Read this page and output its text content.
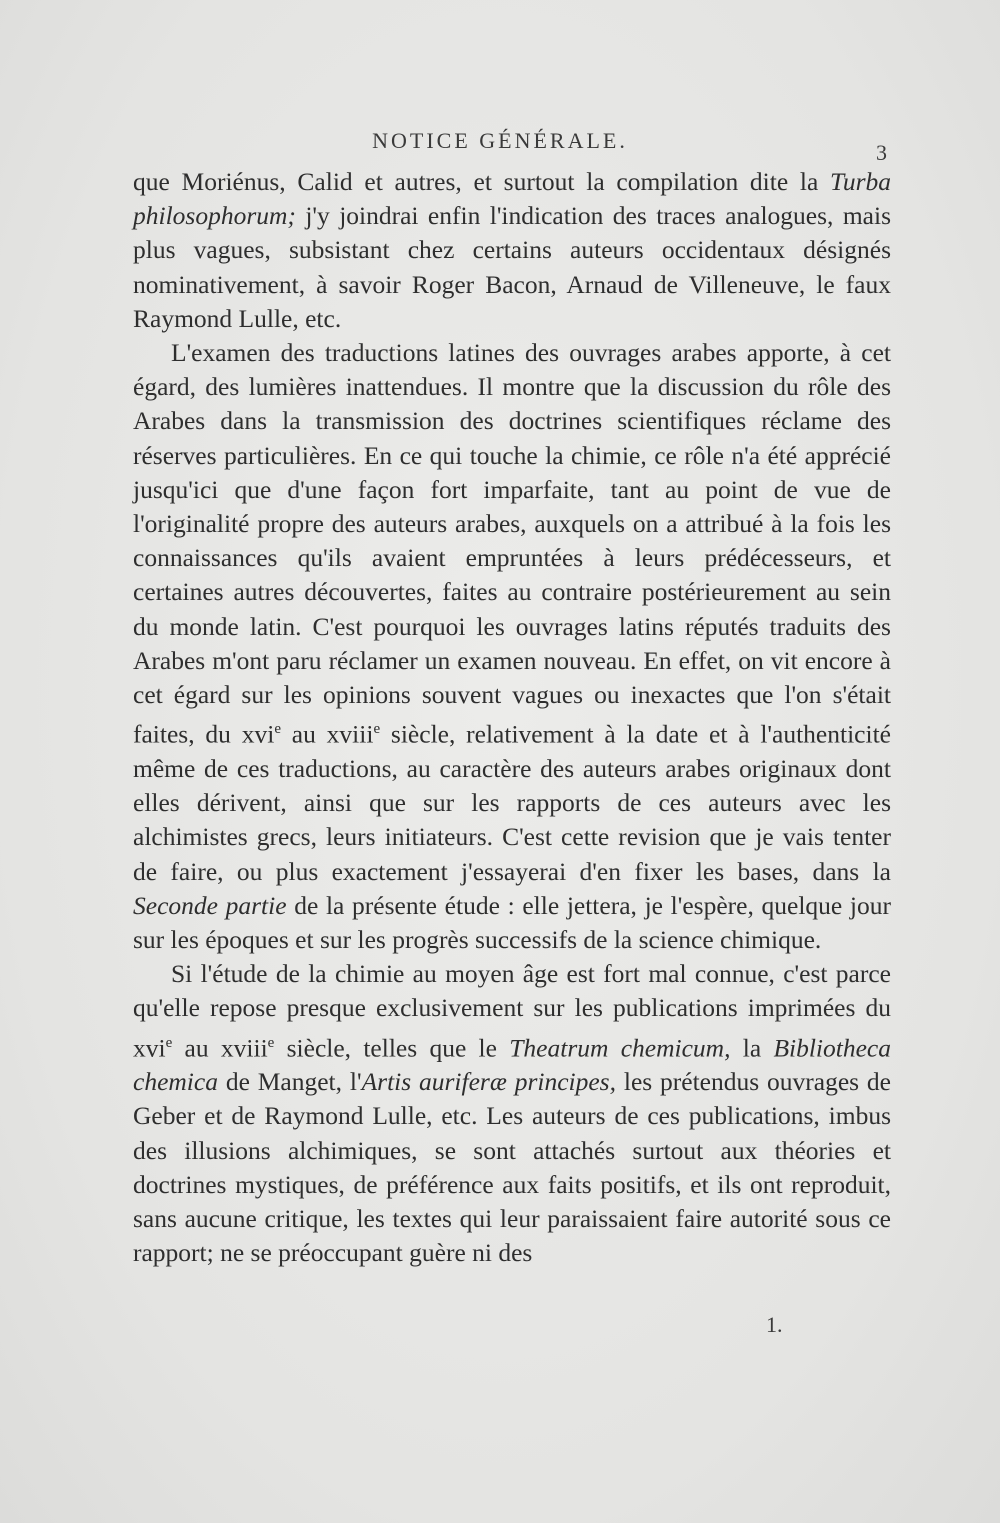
NOTICE GÉNÉRALE.	3

que Moriénus, Calid et autres, et surtout la compilation dite la Turba philosophorum; j'y joindrai enfin l'indication des traces analogues, mais plus vagues, subsistant chez certains auteurs occidentaux désignés nominativement, à savoir Roger Bacon, Arnaud de Villeneuve, le faux Raymond Lulle, etc.

L'examen des traductions latines des ouvrages arabes apporte, à cet égard, des lumières inattendues. Il montre que la discussion du rôle des Arabes dans la transmission des doctrines scientifiques réclame des réserves particulières. En ce qui touche la chimie, ce rôle n'a été apprécié jusqu'ici que d'une façon fort imparfaite, tant au point de vue de l'originalité propre des auteurs arabes, auxquels on a attribué à la fois les connaissances qu'ils avaient empruntées à leurs prédécesseurs, et certaines autres découvertes, faites au contraire postérieurement au sein du monde latin. C'est pourquoi les ouvrages latins réputés traduits des Arabes m'ont paru réclamer un examen nouveau. En effet, on vit encore à cet égard sur les opinions souvent vagues ou inexactes que l'on s'était faites, du xvi$^e$ au xviii$^e$ siècle, relativement à la date et à l'authenticité même de ces traductions, au caractère des auteurs arabes originaux dont elles dérivent, ainsi que sur les rapports de ces auteurs avec les alchimistes grecs, leurs initiateurs. C'est cette revision que je vais tenter de faire, ou plus exactement j'essayerai d'en fixer les bases, dans la Seconde partie de la présente étude : elle jettera, je l'espère, quelque jour sur les époques et sur les progrès successifs de la science chimique.

Si l'étude de la chimie au moyen âge est fort mal connue, c'est parce qu'elle repose presque exclusivement sur les publications imprimées du xvi$^e$ au xviii$^e$ siècle, telles que le Theatrum chemicum, la Bibliotheca chemica de Manget, l'Artis auriferæ principes, les prétendus ouvrages de Geber et de Raymond Lulle, etc. Les auteurs de ces publications, imbus des illusions alchimiques, se sont attachés surtout aux théories et doctrines mystiques, de préférence aux faits positifs, et ils ont reproduit, sans aucune critique, les textes qui leur paraissaient faire autorité sous ce rapport; ne se préoccupant guère ni des

1.
